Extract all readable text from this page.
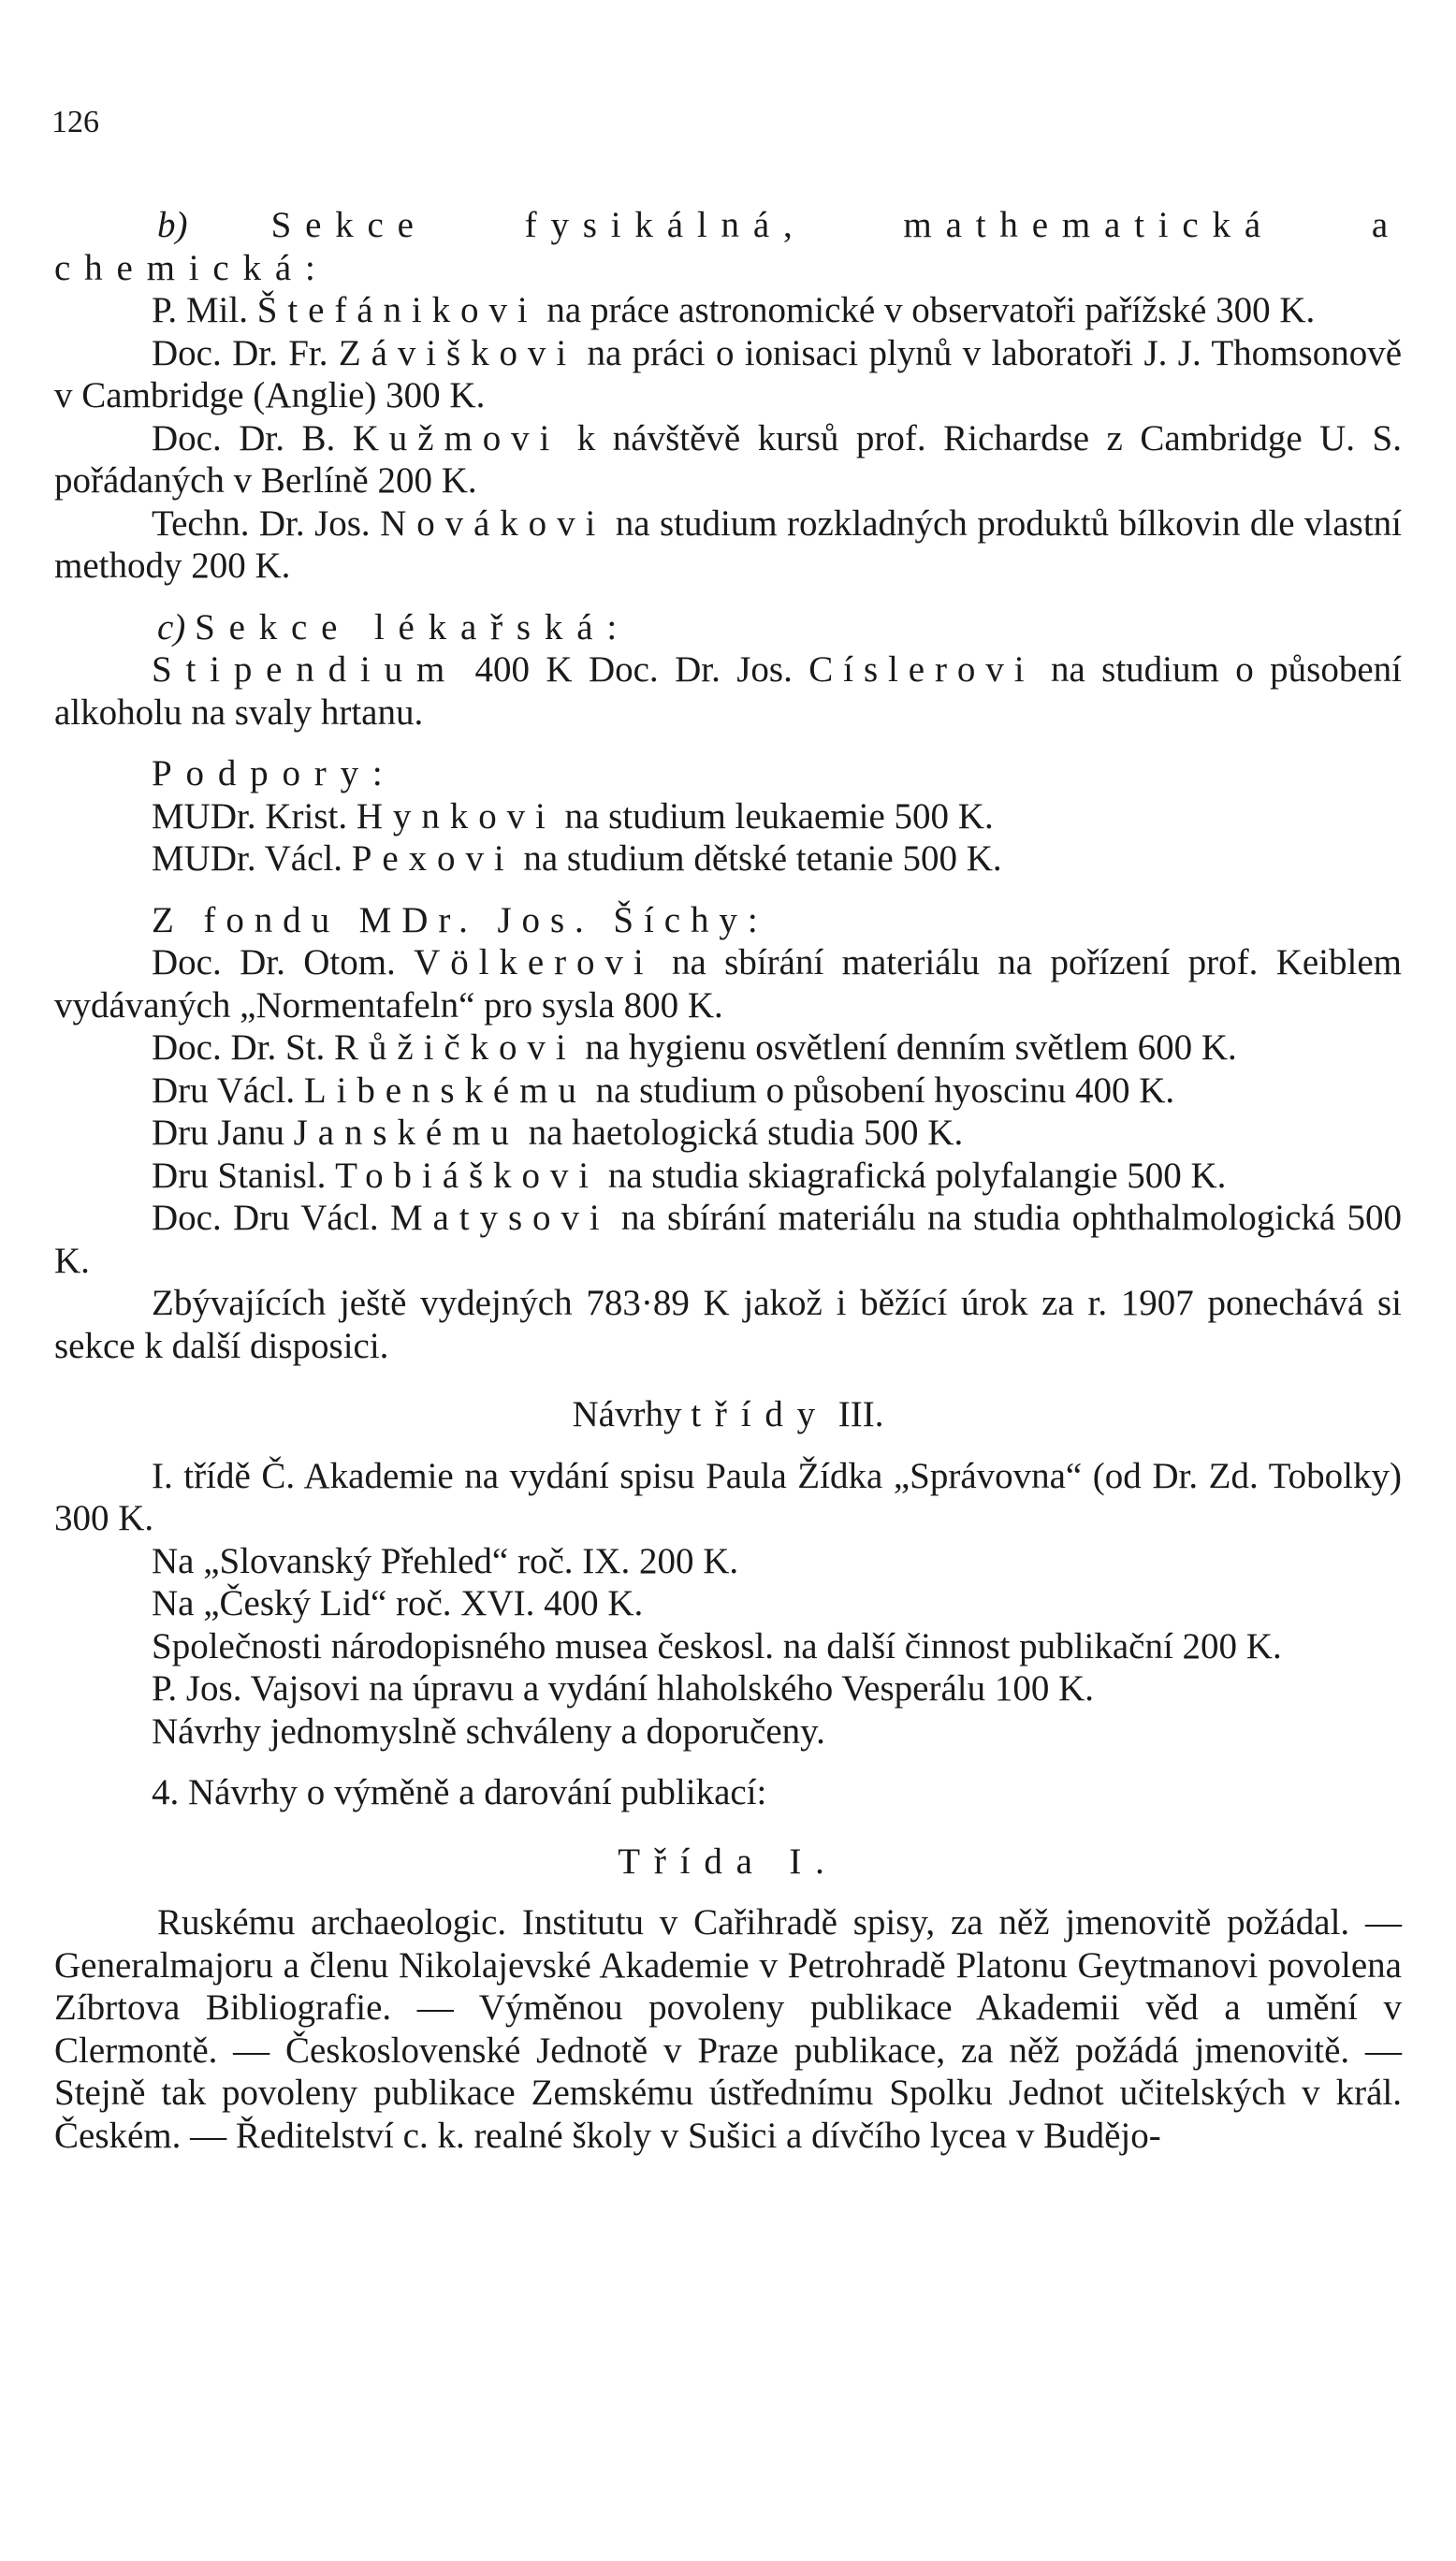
126

b) Sekce fysikálná, mathematická a chemická:

P. Mil. Štefánikovi na práce astronomické v observatoři pařížské 300 K.

Doc. Dr. Fr. Záviškovi na práci o ionisaci plynů v laboratoři J. J. Thomsonově v Cambridge (Anglie) 300 K.

Doc. Dr. B. Kužmovi k návštěvě kursů prof. Richardse z Cambridge U. S. pořádaných v Berlíně 200 K.

Techn. Dr. Jos. Novákovi na studium rozkladných produktů bílkovin dle vlastní methody 200 K.

c) Sekce lékařská:

Stipendium 400 K Doc. Dr. Jos. Císlerovi na studium o působení alkoholu na svaly hrtanu.

Podpory:

MUDr. Krist. Hynkovi na studium leukaemie 500 K.

MUDr. Václ. Pexovi na studium dětské tetanie 500 K.

Z fondu MDr. Jos. Šíchy:

Doc. Dr. Otom. Völkerovi na sbírání materiálu na pořízení prof. Keiblem vydávaných „Normentafeln“ pro sysla 800 K.

Doc. Dr. St. Růžičkovi na hygienu osvětlení denním světlem 600 K.

Dru Václ. Libenskému na studium o působení hyoscinu 400 K.

Dru Janu Janskému na haetologická studia 500 K.

Dru Stanisl. Tobiáškovi na studia skiagrafická polyfalangie 500 K.

Doc. Dru Václ. Matysovi na sbírání materiálu na studia ophthalmologická 500 K.

Zbývajících ještě vydejných 783·89 K jakož i běžící úrok za r. 1907 ponechává si sekce k další disposici.

Návrhy třídy III.

I. třídě Č. Akademie na vydání spisu Paula Žídka „Správovna“ (od Dr. Zd. Tobolky) 300 K.

Na „Slovanský Přehled“ roč. IX. 200 K.

Na „Český Lid“ roč. XVI. 400 K.

Společnosti národopisného musea českosl. na další činnost publikační 200 K.

P. Jos. Vajsovi na úpravu a vydání hlaholského Vesperálu 100 K.

Návrhy jednomyslně schváleny a doporučeny.

4. Návrhy o výměně a darování publikací:

Třída I.

Ruskému archaeologic. Institutu v Cařihradě spisy, za něž jmenovitě požádal. — Generalmajoru a členu Nikolajevské Akademie v Petrohradě Platonu Geytmanovi povolena Zíbrtova Bibliografie. — Výměnou povoleny publikace Akademii věd a umění v Clermontě. — Československé Jednotě v Praze publikace, za něž požádá jmenovitě. — Stejně tak povoleny publikace Zemskému ústřednímu Spolku Jednot učitelských v král. Českém. — Ředitelství c. k. realné školy v Sušici a dívčího lycea v Budějo-
